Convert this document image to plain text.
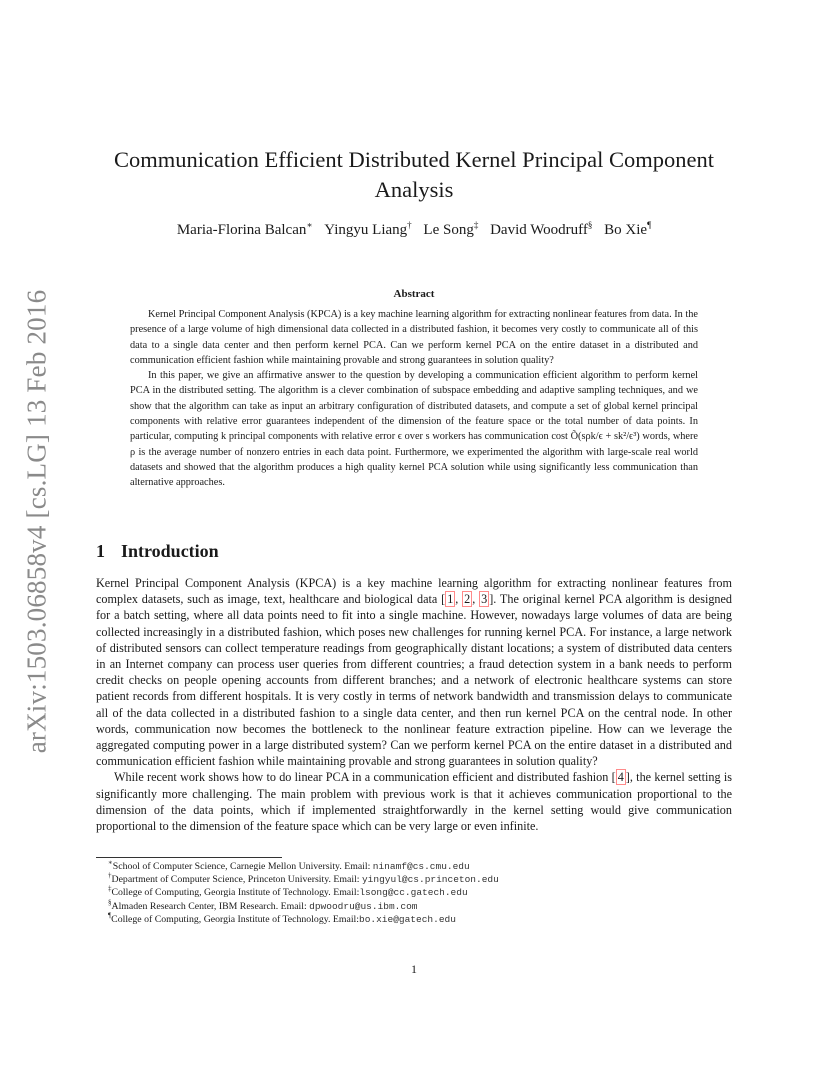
arXiv:1503.06858v4 [cs.LG] 13 Feb 2016
Communication Efficient Distributed Kernel Principal Component
Analysis
Maria-Florina Balcan∗ Yingyu Liang† Le Song‡ David Woodruff§ Bo Xie¶
Abstract

Kernel Principal Component Analysis (KPCA) is a key machine learning algorithm for extracting nonlinear features from data. In the presence of a large volume of high dimensional data collected in a distributed fashion, it becomes very costly to communicate all of this data to a single data center and then perform kernel PCA. Can we perform kernel PCA on the entire dataset in a distributed and communication efficient fashion while maintaining provable and strong guarantees in solution quality?

In this paper, we give an affirmative answer to the question by developing a communication efficient algorithm to perform kernel PCA in the distributed setting. The algorithm is a clever combination of subspace embedding and adaptive sampling techniques, and we show that the algorithm can take as input an arbitrary configuration of distributed datasets, and compute a set of global kernel principal components with relative error guarantees independent of the dimension of the feature space or the total number of data points. In particular, computing k principal components with relative error ϵ over s workers has communication cost Õ(sρk/ϵ + sk²/ϵ³) words, where ρ is the average number of nonzero entries in each data point. Furthermore, we experimented the algorithm with large-scale real world datasets and showed that the algorithm produces a high quality kernel PCA solution while using significantly less communication than alternative approaches.

1 Introduction

Kernel Principal Component Analysis (KPCA) is a key machine learning algorithm for extracting nonlinear features from complex datasets, such as image, text, healthcare and biological data [ 1 , 2 , 3 ]. The original kernel PCA algorithm is designed for a batch setting, where all data points need to fit into a single machine. However, nowadays large volumes of data are being collected increasingly in a distributed fashion, which poses new challenges for running kernel PCA. For instance, a large network of distributed sensors can collect temperature readings from geographically distant locations; a system of distributed data centers in an Internet company can process user queries from different countries; a fraud detection system in a bank needs to perform credit checks on people opening accounts from different branches; and a network of electronic healthcare systems can store patient records from different hospitals. It is very costly in terms of network bandwidth and transmission delays to communicate all of the data collected in a distributed fashion to a single data center, and then run kernel PCA on the central node. In other words, communication now becomes the bottleneck to the nonlinear feature extraction pipeline. How can we leverage the aggregated computing power in a large distributed system? Can we perform kernel PCA on the entire dataset in a distributed and communication efficient fashion while maintaining provable and strong guarantees in solution quality?

While recent work shows how to do linear PCA in a communication efficient and distributed fashion [ 4 ], the kernel setting is significantly more challenging. The main problem with previous work is that it achieves communication proportional to the dimension of the data points, which if implemented straightforwardly in the kernel setting would give communication proportional to the dimension of the feature space which can be very large or even infinite.

∗School of Computer Science, Carnegie Mellon University. Email: ninamf@cs.cmu.edu
†Department of Computer Science, Princeton University. Email: yingyul@cs.princeton.edu
‡College of Computing, Georgia Institute of Technology. Email:lsong@cc.gatech.edu
§Almaden Research Center, IBM Research. Email: dpwoodru@us.ibm.com
¶College of Computing, Georgia Institute of Technology. Email:bo.xie@gatech.edu
1
